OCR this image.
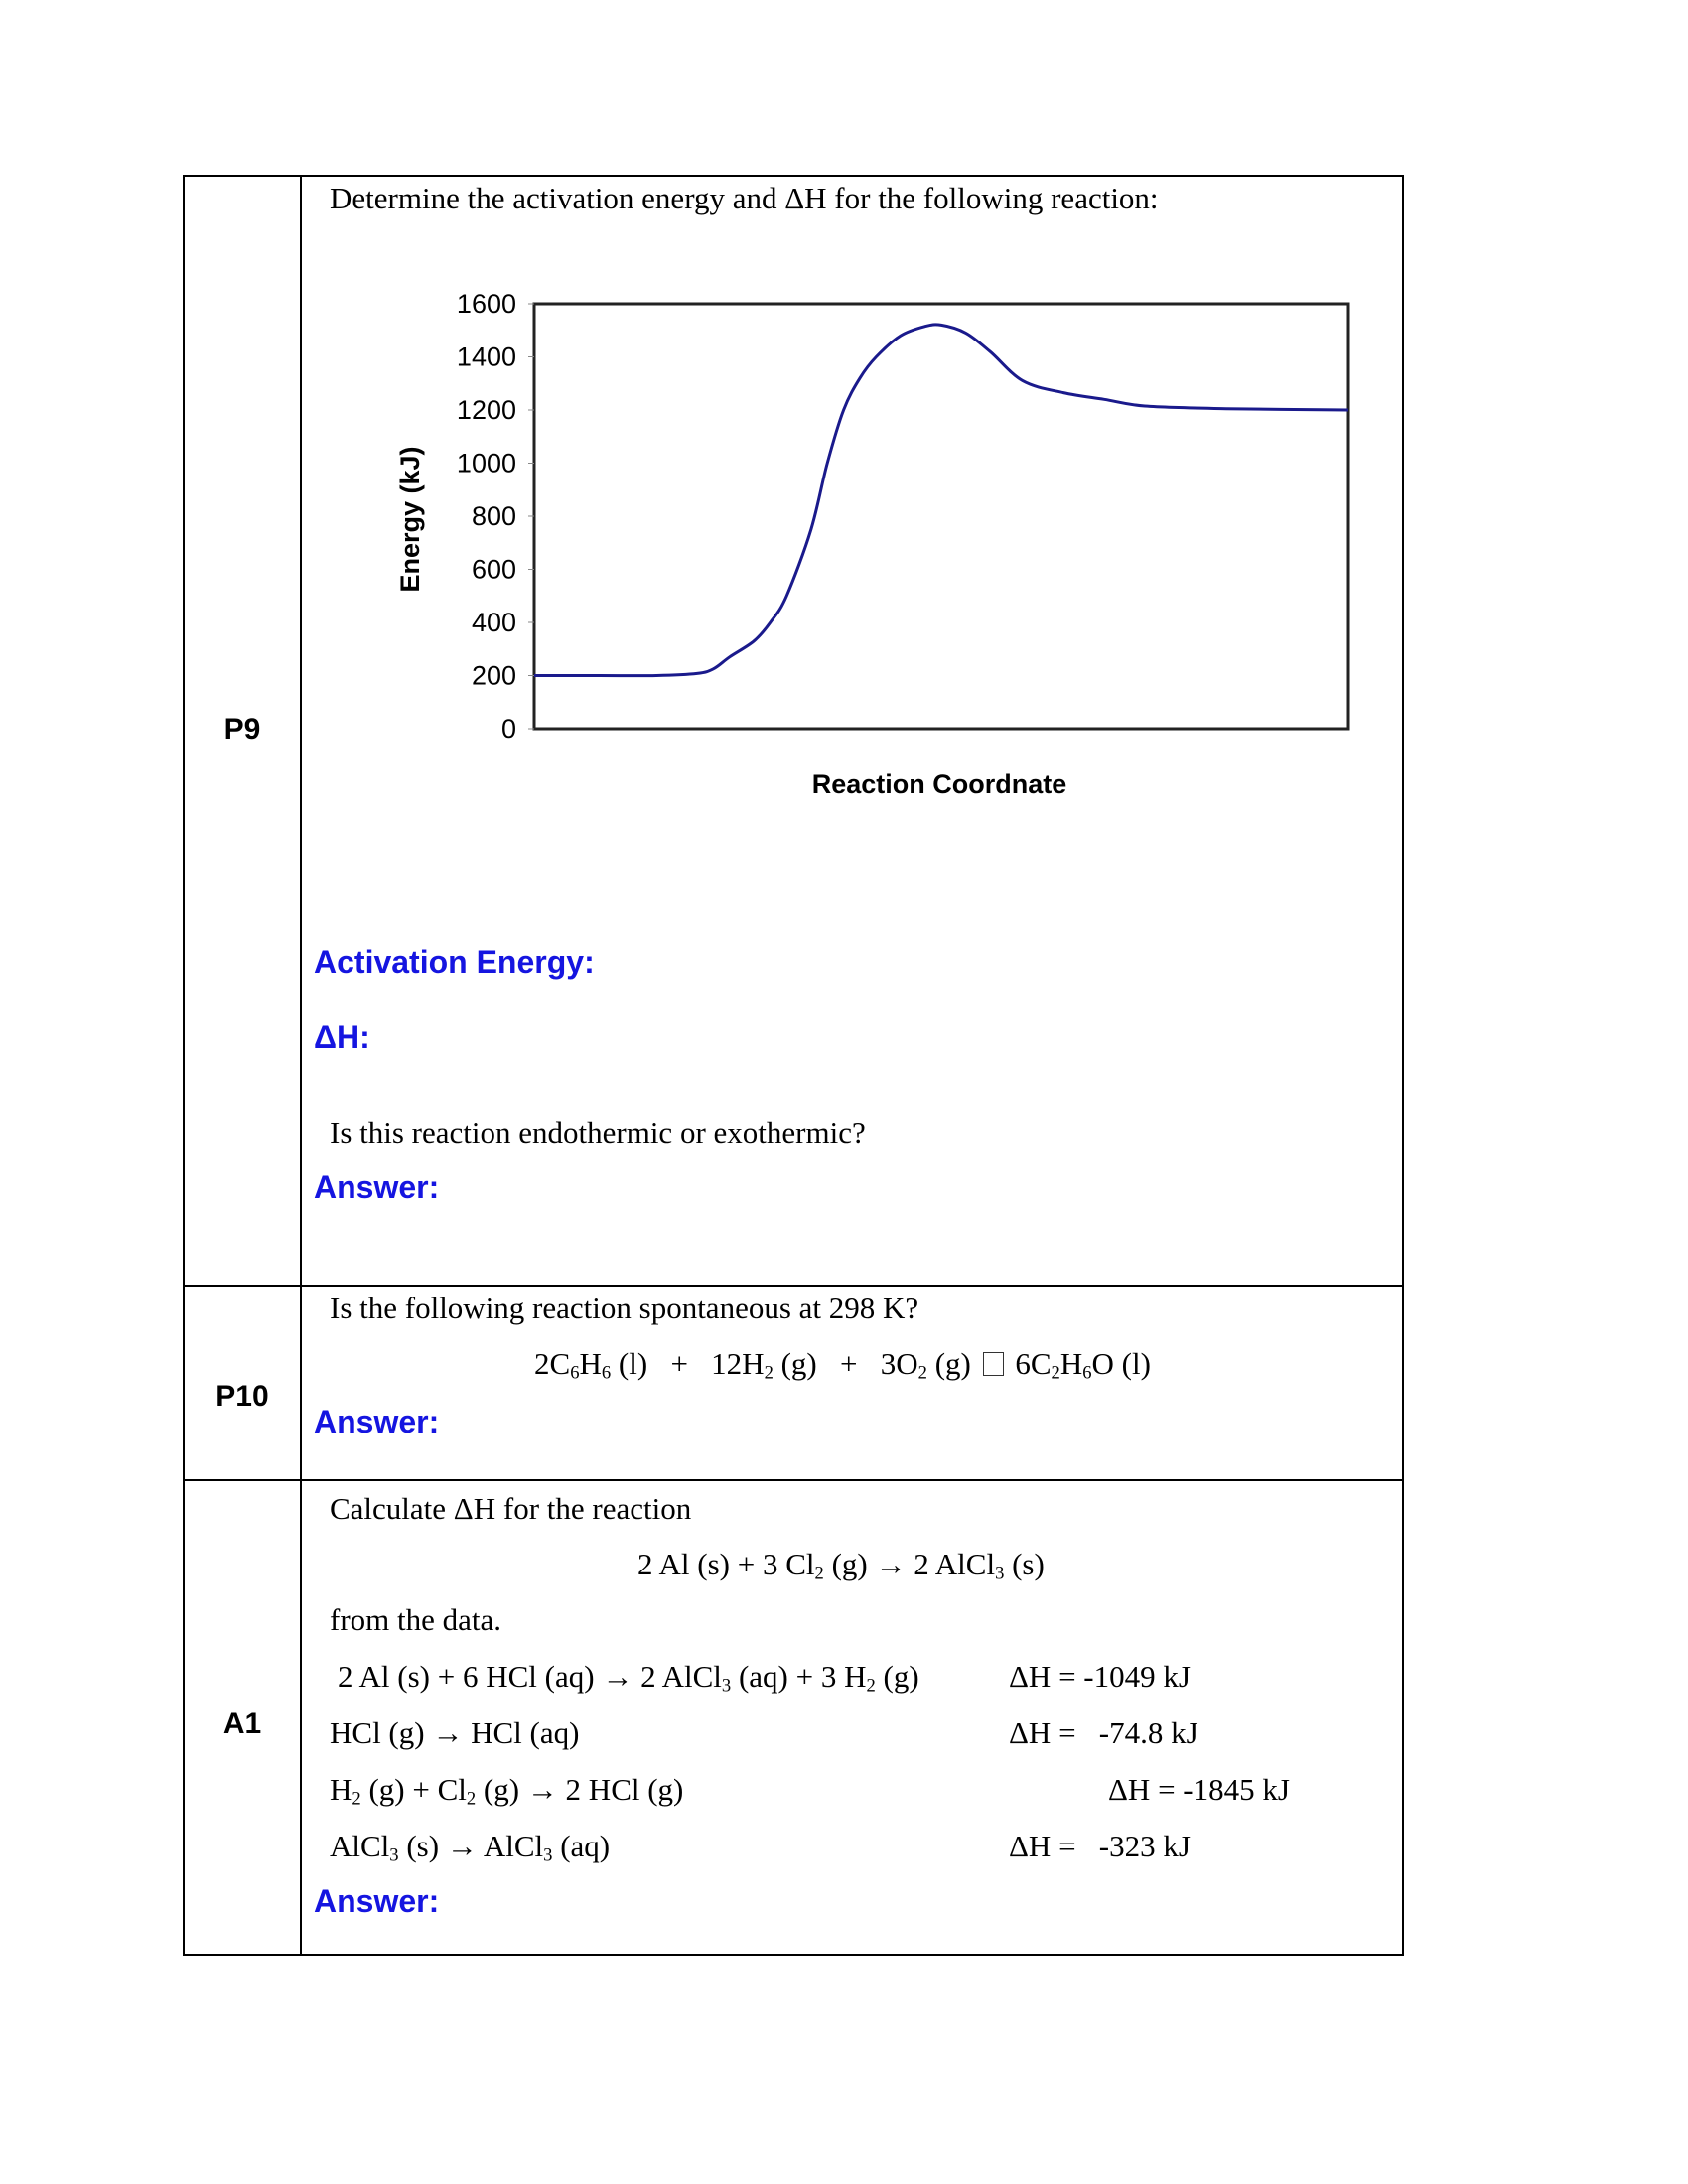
P9
Determine the activation energy and ΔH for the following reaction:
1600
1400
1200
1000
800
600
400
200
0
Reaction Coordnate
Energy (kJ)
Activation Energy:
ΔH:
Is this reaction endothermic or exothermic?
Answer:
P10
Is the following reaction spontaneous at 298 K?
$2C_6H_6$ $(l) + 12H_2$ $(g) + 3O_2$ (g) $6C_2H_6O$ (l)
Answer:
A1
Calculate ΔH for the reaction
2 Al (s) + 3 $Cl_2$ (g) → 2 AlCl$_3$ (s)
from the data.
2 Al (s) + 6 HCl (aq) → 2 AlCl$_3$ (aq) + 3 $H_2$ (g)	ΔH = -1049 kJ
HCl (g) → HCl (aq)	ΔH =   -74.8 kJ
$H_2$ $(g) + Cl_2$ (g) → 2 HCl (g)	ΔH = -1845 kJ
AlCl$_3$ (s) → AlCl$_3$ (aq)	ΔH =   -323 kJ
Answer:
